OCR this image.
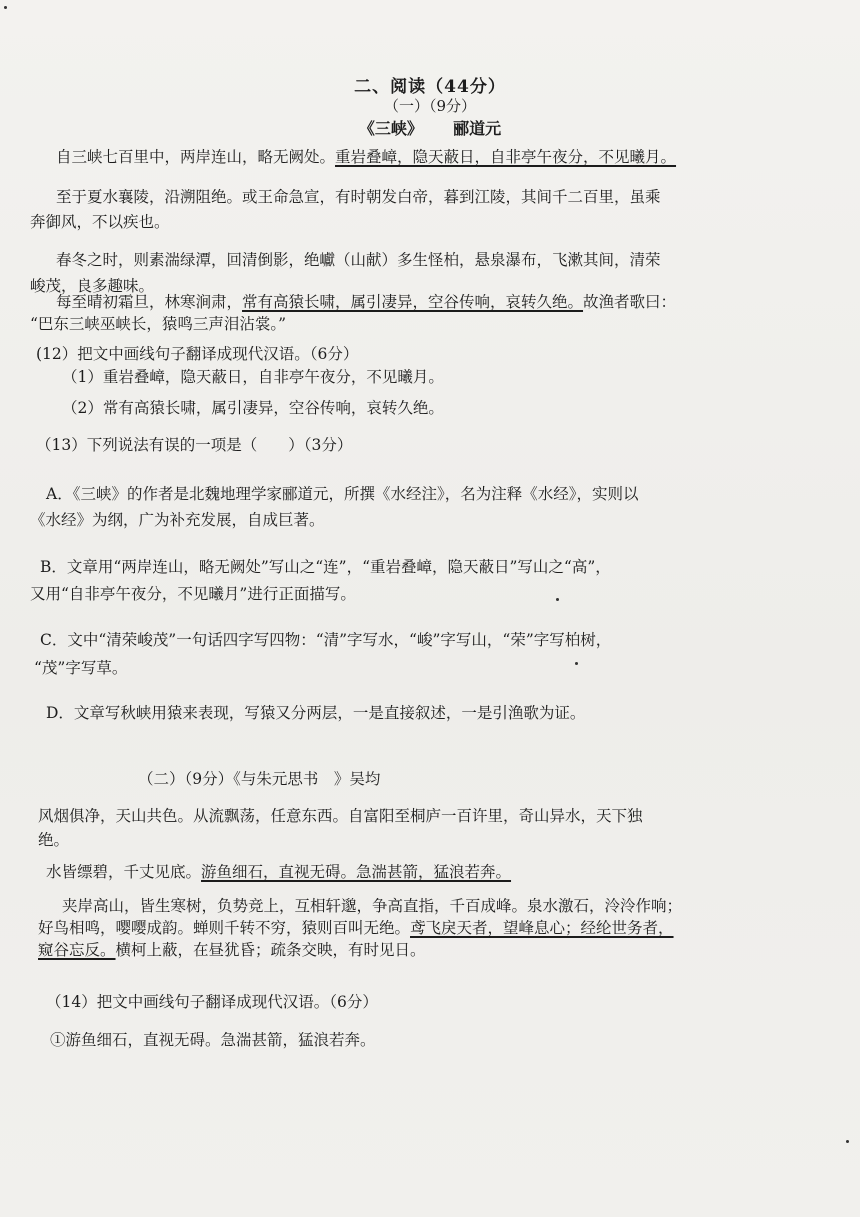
二、阅读（44分）
（一）（9分）
《三峡》 郦道元
自三峡七百里中，两岸连山，略无阙处。重岩叠嶂，隐天蔽日，自非亭午夜分，不见曦月。
至于夏水襄陵，沿溯阻绝。或王命急宣，有时朝发白帝，暮到江陵，其间千二百里，虽乘
奔御风，不以疾也。
春冬之时，则素湍绿潭，回清倒影，绝巘（山献）多生怪柏，悬泉瀑布，飞漱其间，清荣
峻茂，良多趣味。
每至晴初霜旦，林寒涧肃，常有高猿长啸，属引凄异，空谷传响，哀转久绝。故渔者歌曰：
“巴东三峡巫峡长，猿鸣三声泪沾裳。”
(12）把文中画线句子翻译成现代汉语。（6分）
（1）重岩叠嶂，隐天蔽日，自非亭午夜分，不见曦月。
（2）常有高猿长啸，属引凄异，空谷传响，哀转久绝。
（13）下列说法有误的一项是（　　）（3分）
A．《三峡》的作者是北魏地理学家郦道元，所撰《水经注》，名为注释《水经》，实则以
《水经》为纲，广为补充发展，自成巨著。
B．文章用“两岸连山，略无阙处”写山之“连”，“重岩叠嶂，隐天蔽日”写山之“高”，
又用“自非亭午夜分，不见曦月”进行正面描写。
C．文中“清荣峻茂”一句话四字写四物：“清”字写水，“峻”字写山，“荣”字写柏树，
“茂”字写草。
D．文章写秋峡用猿来表现，写猿又分两层，一是直接叙述，一是引渔歌为证。
（二）（9分）《与朱元思书　》吴均
风烟俱净，天山共色。从流飘荡，任意东西。自富阳至桐庐一百许里，奇山异水，天下独
绝。
水皆缥碧，千丈见底。游鱼细石，直视无碍。急湍甚箭，猛浪若奔。
夹岸高山，皆生寒树，负势竞上，互相轩邈，争高直指，千百成峰。泉水激石，泠泠作响；
好鸟相鸣，嘤嘤成韵。蝉则千转不穷，猿则百叫无绝。鸢飞戾天者，望峰息心；经纶世务者，
窥谷忘反。横柯上蔽，在昼犹昏；疏条交映，有时见日。
（14）把文中画线句子翻译成现代汉语。（6分）
①游鱼细石，直视无碍。急湍甚箭，猛浪若奔。
